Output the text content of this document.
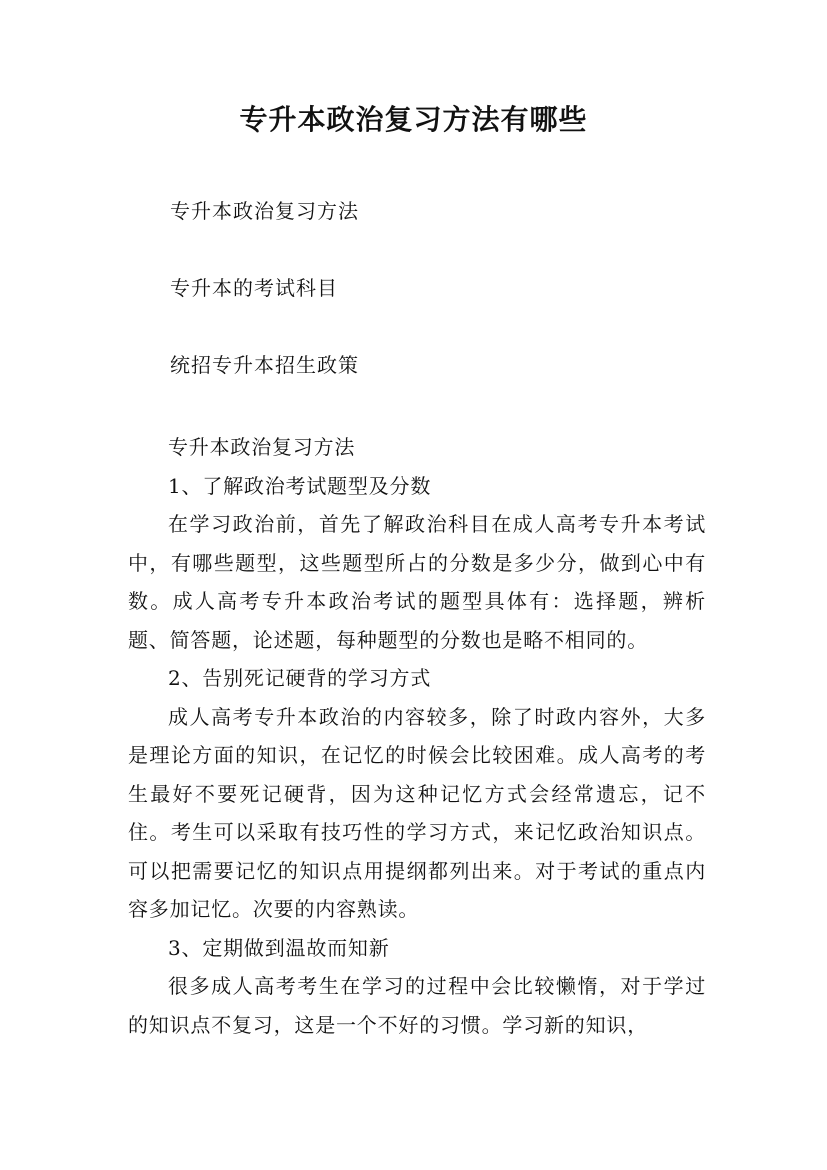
专升本政治复习方法有哪些
专升本政治复习方法
专升本的考试科目
统招专升本招生政策

专升本政治复习方法

1、了解政治考试题型及分数

在学习政治前，首先了解政治科目在成人高考专升本考试中，有哪些题型，这些题型所占的分数是多少分，做到心中有数。成人高考专升本政治考试的题型具体有：选择题，辨析题、简答题，论述题，每种题型的分数也是略不相同的。

2、告别死记硬背的学习方式

成人高考专升本政治的内容较多，除了时政内容外，大多是理论方面的知识，在记忆的时候会比较困难。成人高考的考生最好不要死记硬背，因为这种记忆方式会经常遗忘，记不住。考生可以采取有技巧性的学习方式，来记忆政治知识点。可以把需要记忆的知识点用提纲都列出来。对于考试的重点内容多加记忆。次要的内容熟读。

3、定期做到温故而知新

很多成人高考考生在学习的过程中会比较懒惰，对于学过的知识点不复习，这是一个不好的习惯。学习新的知识，
